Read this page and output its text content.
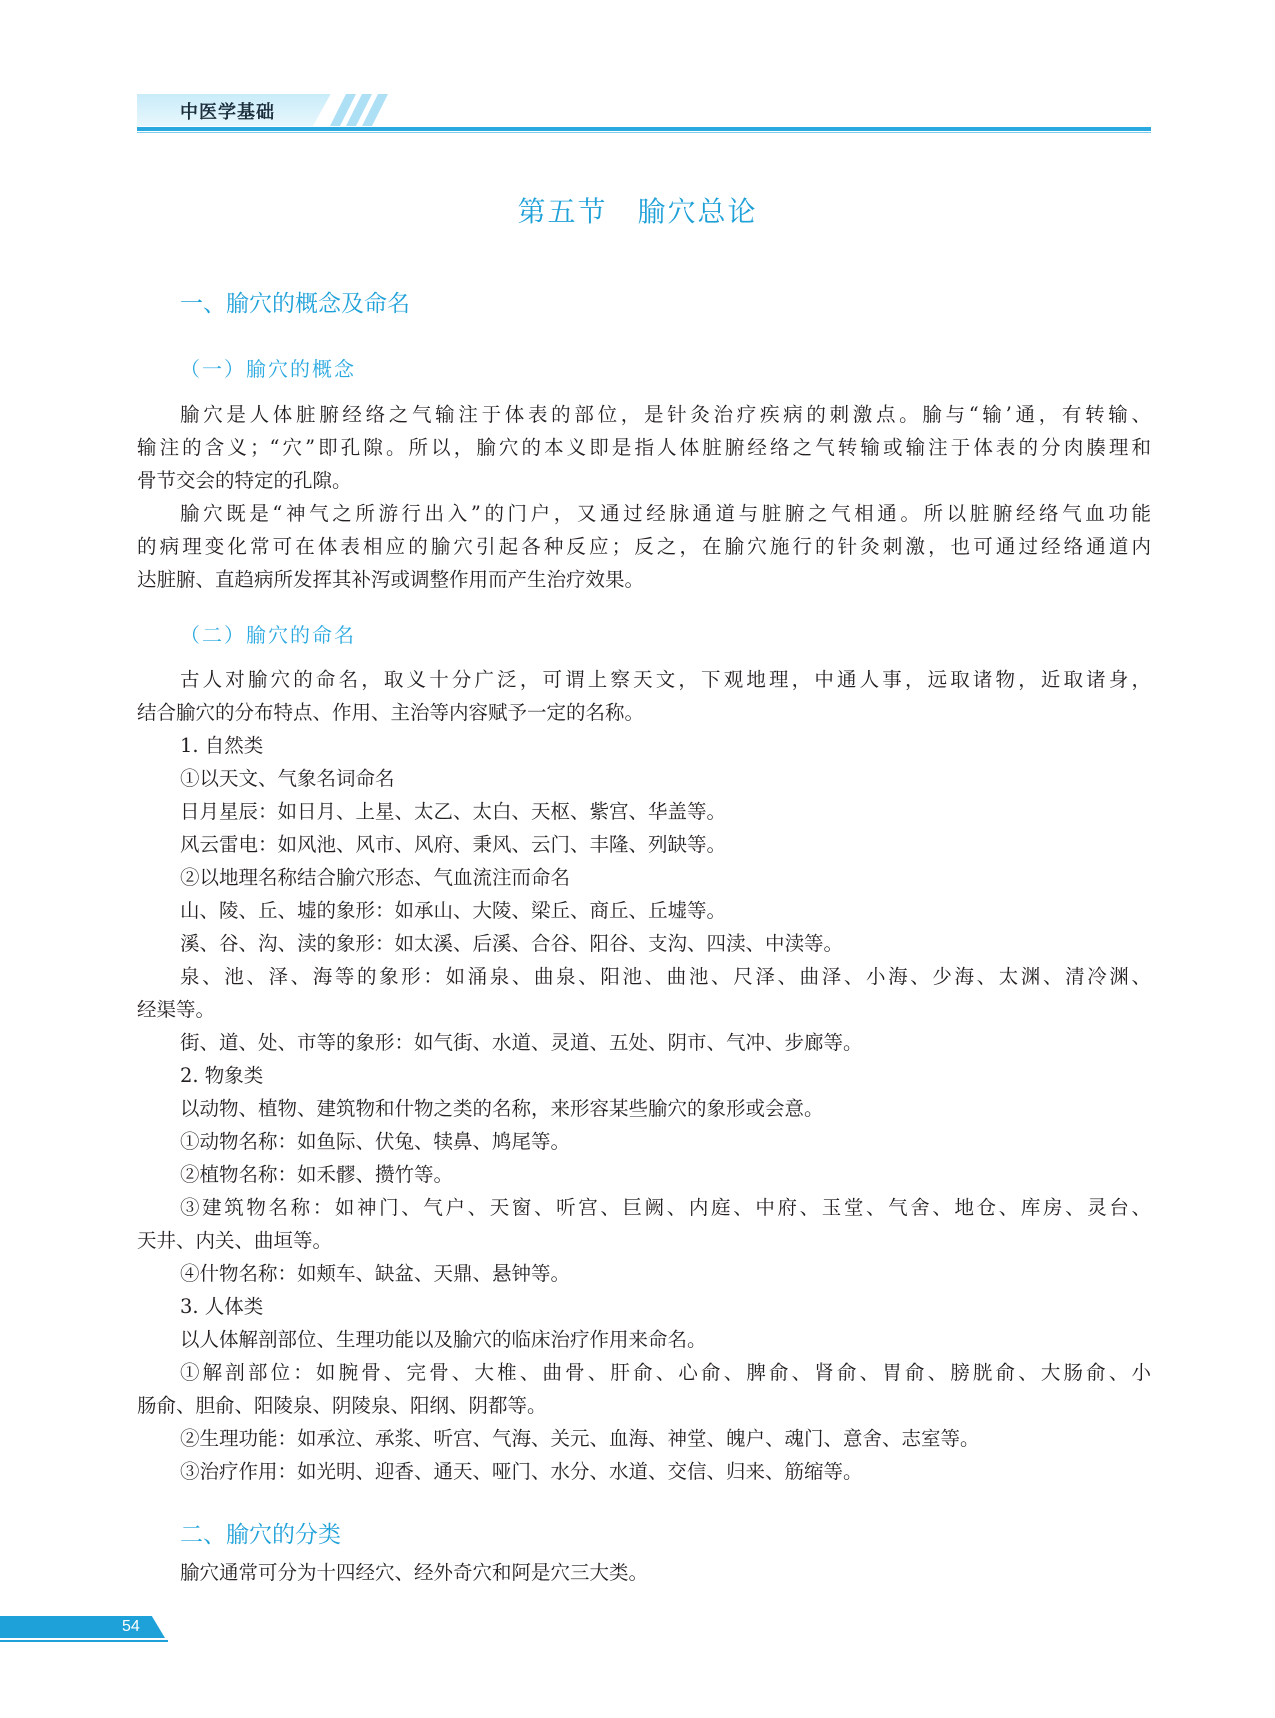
中医学基础
第五节　腧穴总论
一、腧穴的概念及命名
（一）腧穴的概念
腧穴是人体脏腑经络之气输注于体表的部位，是针灸治疗疾病的刺激点。腧与“输’通，有转输、
输注的含义；“穴”即孔隙。所以，腧穴的本义即是指人体脏腑经络之气转输或输注于体表的分肉腠理和
骨节交会的特定的孔隙。
腧穴既是“神气之所游行出入”的门户，又通过经脉通道与脏腑之气相通。所以脏腑经络气血功能
的病理变化常可在体表相应的腧穴引起各种反应；反之，在腧穴施行的针灸刺激，也可通过经络通道内
达脏腑、直趋病所发挥其补泻或调整作用而产生治疗效果。
（二）腧穴的命名
古人对腧穴的命名，取义十分广泛，可谓上察天文，下观地理，中通人事，远取诸物，近取诸身，
结合腧穴的分布特点、作用、主治等内容赋予一定的名称。
1. 自然类
①以天文、气象名词命名
日月星辰：如日月、上星、太乙、太白、天枢、紫宫、华盖等。
风云雷电：如风池、风市、风府、秉风、云门、丰隆、列缺等。
②以地理名称结合腧穴形态、气血流注而命名
山、陵、丘、墟的象形：如承山、大陵、梁丘、商丘、丘墟等。
溪、谷、沟、渎的象形：如太溪、后溪、合谷、阳谷、支沟、四渎、中渎等。
泉、池、泽、海等的象形：如涌泉、曲泉、阳池、曲池、尺泽、曲泽、小海、少海、太渊、清冷渊、
经渠等。
街、道、处、市等的象形：如气街、水道、灵道、五处、阴市、气冲、步廊等。
2. 物象类
以动物、植物、建筑物和什物之类的名称，来形容某些腧穴的象形或会意。
①动物名称：如鱼际、伏兔、犊鼻、鸠尾等。
②植物名称：如禾髎、攒竹等。
③建筑物名称：如神门、气户、天窗、听宫、巨阙、内庭、中府、玉堂、气舍、地仓、库房、灵台、
天井、内关、曲垣等。
④什物名称：如颊车、缺盆、天鼎、悬钟等。
3. 人体类
以人体解剖部位、生理功能以及腧穴的临床治疗作用来命名。
①解剖部位：如腕骨、完骨、大椎、曲骨、肝俞、心俞、脾俞、肾俞、胃俞、膀胱俞、大肠俞、小
肠俞、胆俞、阳陵泉、阴陵泉、阳纲、阴都等。
②生理功能：如承泣、承浆、听宫、气海、关元、血海、神堂、魄户、魂门、意舍、志室等。
③治疗作用：如光明、迎香、通天、哑门、水分、水道、交信、归来、筋缩等。
二、腧穴的分类
腧穴通常可分为十四经穴、经外奇穴和阿是穴三大类。
54
